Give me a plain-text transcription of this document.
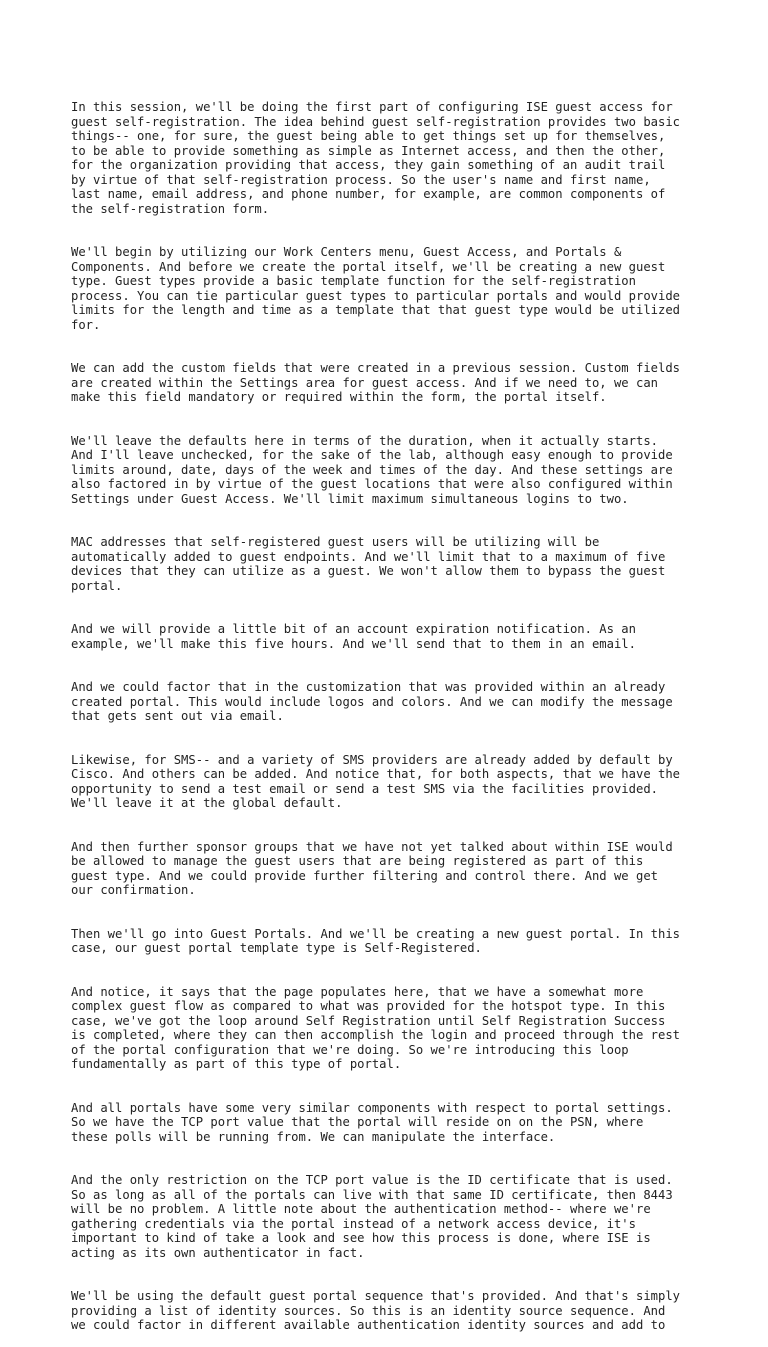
In this session, we'll be doing the first part of configuring ISE guest access for
guest self-registration. The idea behind guest self-registration provides two basic
things-- one, for sure, the guest being able to get things set up for themselves,
to be able to provide something as simple as Internet access, and then the other,
for the organization providing that access, they gain something of an audit trail
by virtue of that self-registration process. So the user's name and first name,
last name, email address, and phone number, for example, are common components of
the self-registration form.

We'll begin by utilizing our Work Centers menu, Guest Access, and Portals &
Components. And before we create the portal itself, we'll be creating a new guest
type. Guest types provide a basic template function for the self-registration
process. You can tie particular guest types to particular portals and would provide
limits for the length and time as a template that that guest type would be utilized
for.

We can add the custom fields that were created in a previous session. Custom fields
are created within the Settings area for guest access. And if we need to, we can
make this field mandatory or required within the form, the portal itself.

We'll leave the defaults here in terms of the duration, when it actually starts.
And I'll leave unchecked, for the sake of the lab, although easy enough to provide
limits around, date, days of the week and times of the day. And these settings are
also factored in by virtue of the guest locations that were also configured within
Settings under Guest Access. We'll limit maximum simultaneous logins to two.

MAC addresses that self-registered guest users will be utilizing will be
automatically added to guest endpoints. And we'll limit that to a maximum of five
devices that they can utilize as a guest. We won't allow them to bypass the guest
portal.

And we will provide a little bit of an account expiration notification. As an
example, we'll make this five hours. And we'll send that to them in an email.

And we could factor that in the customization that was provided within an already
created portal. This would include logos and colors. And we can modify the message
that gets sent out via email.

Likewise, for SMS-- and a variety of SMS providers are already added by default by
Cisco. And others can be added. And notice that, for both aspects, that we have the
opportunity to send a test email or send a test SMS via the facilities provided.
We'll leave it at the global default.

And then further sponsor groups that we have not yet talked about within ISE would
be allowed to manage the guest users that are being registered as part of this
guest type. And we could provide further filtering and control there. And we get
our confirmation.

Then we'll go into Guest Portals. And we'll be creating a new guest portal. In this
case, our guest portal template type is Self-Registered.

And notice, it says that the page populates here, that we have a somewhat more
complex guest flow as compared to what was provided for the hotspot type. In this
case, we've got the loop around Self Registration until Self Registration Success
is completed, where they can then accomplish the login and proceed through the rest
of the portal configuration that we're doing. So we're introducing this loop
fundamentally as part of this type of portal.

And all portals have some very similar components with respect to portal settings.
So we have the TCP port value that the portal will reside on on the PSN, where
these polls will be running from. We can manipulate the interface.

And the only restriction on the TCP port value is the ID certificate that is used.
So as long as all of the portals can live with that same ID certificate, then 8443
will be no problem. A little note about the authentication method-- where we're
gathering credentials via the portal instead of a network access device, it's
important to kind of take a look and see how this process is done, where ISE is
acting as its own authenticator in fact.

We'll be using the default guest portal sequence that's provided. And that's simply
providing a list of identity sources. So this is an identity source sequence. And
we could factor in different available authentication identity sources and add to
